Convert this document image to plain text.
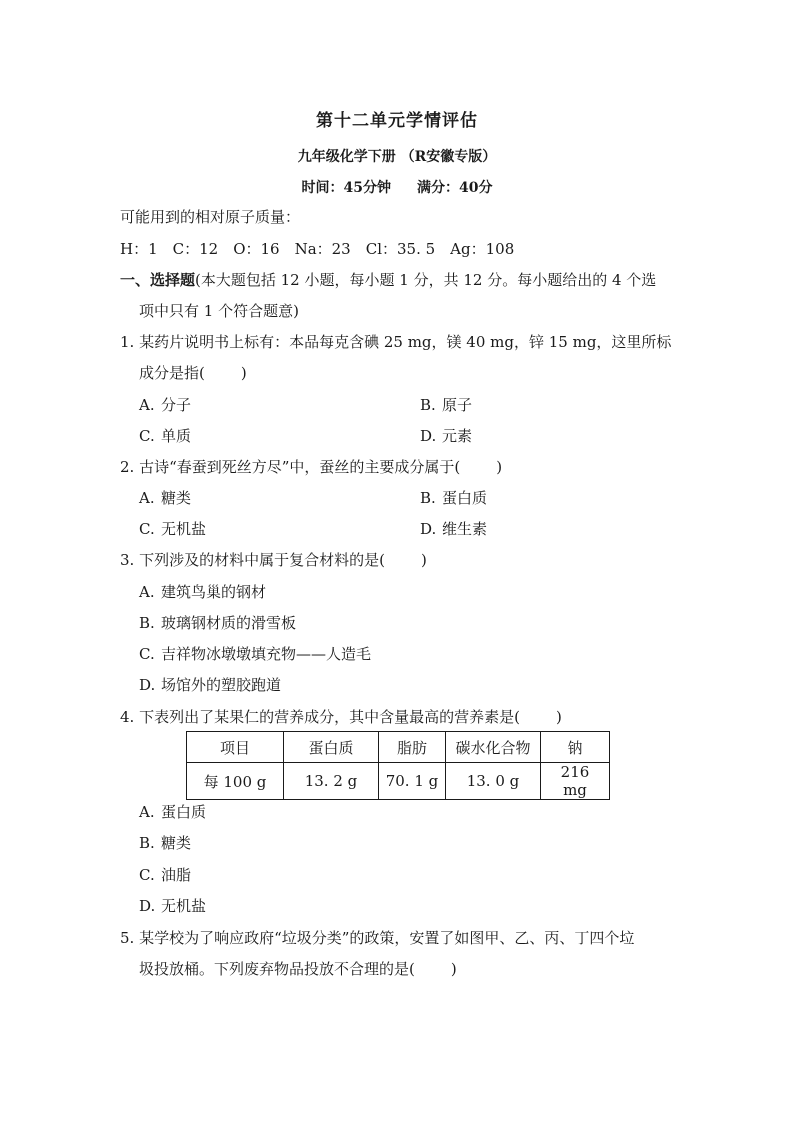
第十二单元学情评估
九年级化学下册 （R安徽专版）
时间：45分钟 满分：40分
可能用到的相对原子质量：
H：1　C：12　O：16　Na：23　Cl：35. 5　Ag：108
一、选择题(本大题包括 12 小题，每小题 1 分，共 12 分。每小题给出的 4 个选
项中只有 1 个符合题意)
1. 某药片说明书上标有：本品每克含碘 25 mg，镁 40 mg，锌 15 mg，这里所标
成分是指( )
A. 分子	B. 原子
C. 单质	D. 元素
2. 古诗“春蚕到死丝方尽”中，蚕丝的主要成分属于( )
A. 糖类	B. 蛋白质
C. 无机盐	D. 维生素
3. 下列涉及的材料中属于复合材料的是( )
A. 建筑鸟巢的钢材
B. 玻璃钢材质的滑雪板
C. 吉祥物冰墩墩填充物——人造毛
D. 场馆外的塑胶跑道
4. 下表列出了某果仁的营养成分，其中含量最高的营养素是( )
项目	蛋白质	脂肪	碳水化合物	钠
每 100 g	13. 2 g	70. 1 g	13. 0 g	216 mg
A. 蛋白质
B. 糖类
C. 油脂
D. 无机盐
5. 某学校为了响应政府“垃圾分类”的政策，安置了如图甲、乙、丙、丁四个垃
圾投放桶。下列废弃物品投放不合理的是( )
